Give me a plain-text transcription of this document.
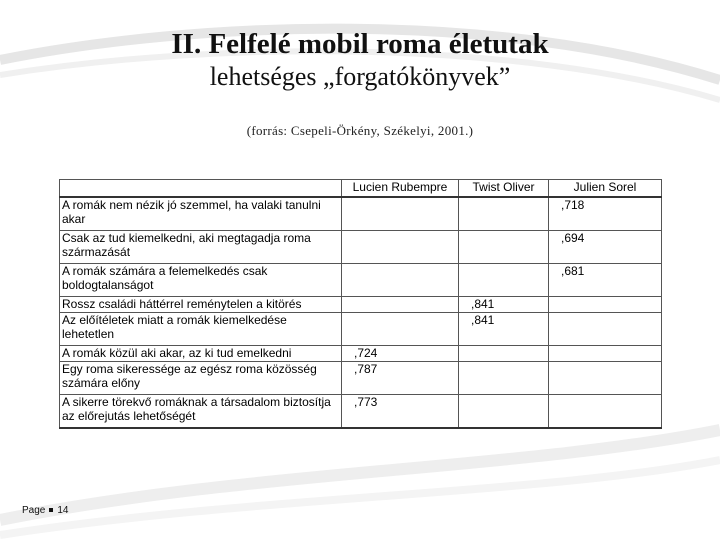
II. Felfelé mobil roma életutak
lehetséges „forgatókönyvek”
(forrás: Csepeli-Örkény, Székelyi, 2001.)
	Lucien Rubempre	Twist Oliver	Julien Sorel
A romák nem nézik jó szemmel, ha valaki tanulni akar			,718
Csak az tud kiemelkedni, aki megtagadja roma származását			,694
A romák számára a felemelkedés csak boldogtalanságot			,681
Rossz családi háttérrel reménytelen a kitörés		,841	
Az előítéletek miatt a romák kiemelkedése lehetetlen		,841	
A romák közül aki akar, az ki tud emelkedni	,724		
Egy roma sikeressége az egész roma közösség számára előny	,787		
A sikerre törekvő romáknak a társadalom biztosítja az előrejutás lehetőségét	,773		
Page 14
